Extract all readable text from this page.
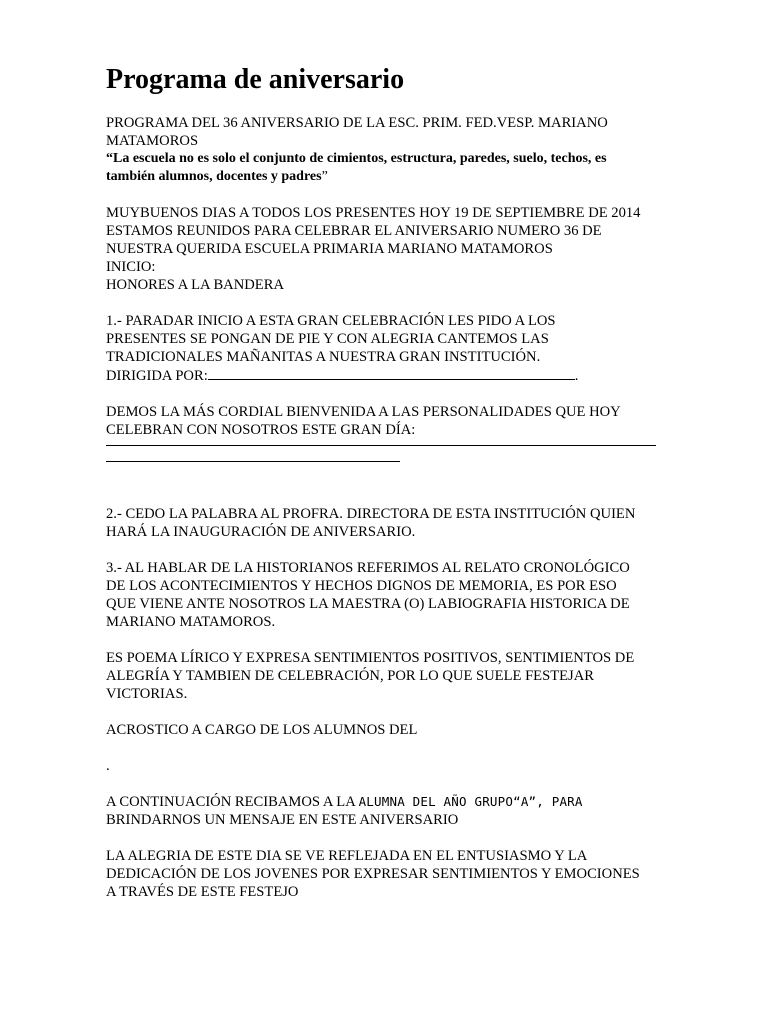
Programa de aniversario

PROGRAMA DEL 36 ANIVERSARIO DE LA ESC. PRIM. FED.VESP. MARIANO MATAMOROS

“La escuela no es solo el conjunto de cimientos, estructura, paredes, suelo, techos, es también alumnos, docentes y padres”

MUYBUENOS DIAS A TODOS LOS PRESENTES HOY 19 DE SEPTIEMBRE DE 2014

ESTAMOS REUNIDOS PARA CELEBRAR EL ANIVERSARIO NUMERO 36 DE

NUESTRA QUERIDA ESCUELA PRIMARIA MARIANO MATAMOROS

INICIO:

HONORES A LA BANDERA

1.- PARADAR INICIO A ESTA GRAN CELEBRACIÓN LES PIDO A LOS

PRESENTES SE PONGAN DE PIE Y CON ALEGRIA CANTEMOS LAS

TRADICIONALES MAÑANITAS A NUESTRA GRAN INSTITUCIÓN.

DIRIGIDA POR:	.

DEMOS LA MÁS CORDIAL BIENVENIDA A LAS PERSONALIDADES QUE HOY

CELEBRAN CON NOSOTROS ESTE GRAN DÍA:

2.- CEDO LA PALABRA AL PROFRA. DIRECTORA DE ESTA INSTITUCIÓN QUIEN

HARÁ LA INAUGURACIÓN DE ANIVERSARIO.

3.- AL HABLAR DE LA HISTORIANOS REFERIMOS AL RELATO CRONOLÓGICO

DE LOS ACONTECIMIENTOS Y HECHOS DIGNOS DE MEMORIA, ES POR ESO

QUE VIENE ANTE NOSOTROS LA MAESTRA (O) LABIOGRAFIA HISTORICA DE

MARIANO MATAMOROS.

ES POEMA LÍRICO Y EXPRESA SENTIMIENTOS POSITIVOS, SENTIMIENTOS DE

ALEGRÍA Y TAMBIEN DE CELEBRACIÓN, POR LO QUE SUELE FESTEJAR

VICTORIAS.

ACROSTICO A CARGO DE LOS ALUMNOS DEL

.

A CONTINUACIÓN RECIBAMOS A LA ALUMNA DEL AÑO GRUPO“A”, PARA

BRINDARNOS UN MENSAJE EN ESTE ANIVERSARIO

LA ALEGRIA DE ESTE DIA SE VE REFLEJADA EN EL ENTUSIASMO Y LA

DEDICACIÓN DE LOS JOVENES POR EXPRESAR SENTIMIENTOS Y EMOCIONES

A TRAVÉS DE ESTE FESTEJO
